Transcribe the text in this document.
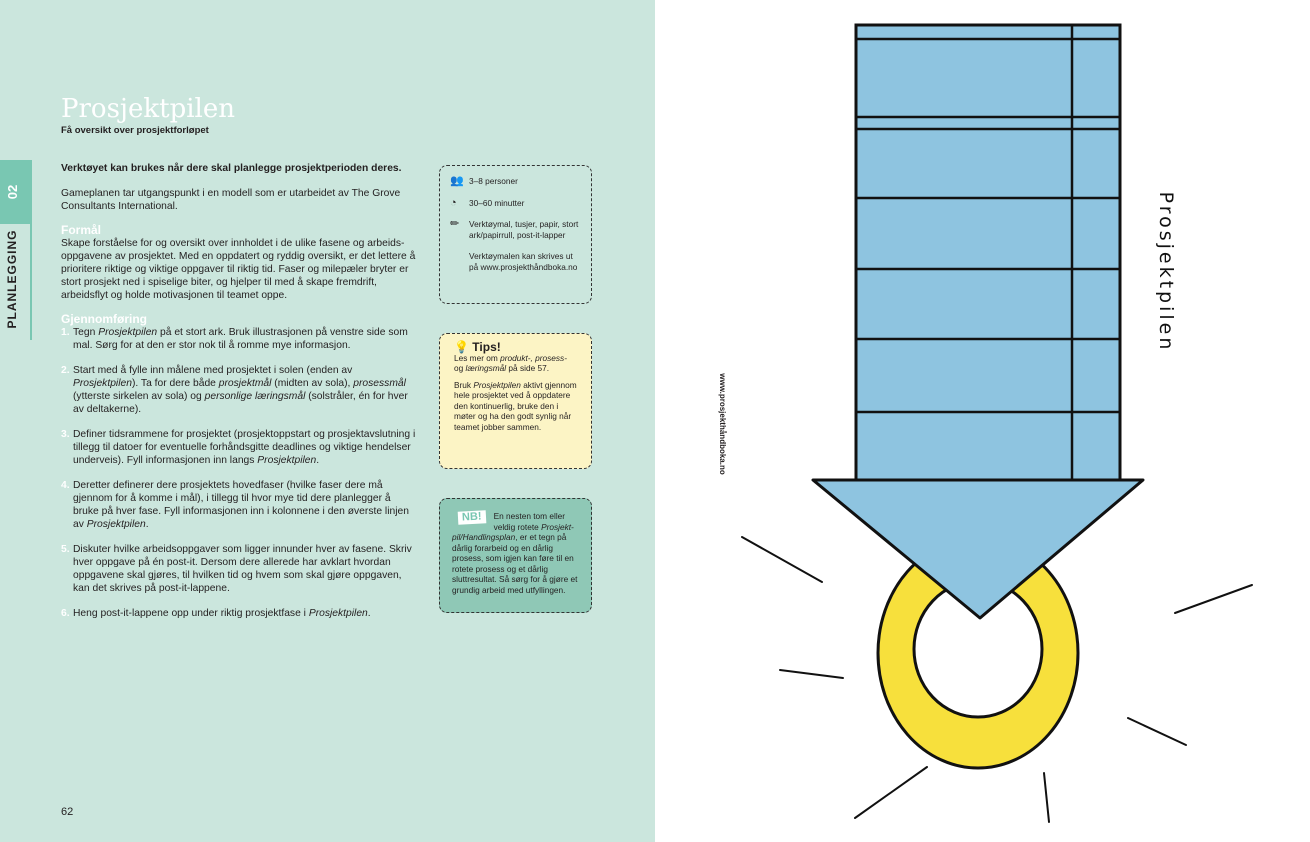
02
PLANLEGGING
Prosjektpilen
Få oversikt over prosjektforløpet

Verktøyet kan brukes når dere skal planlegge prosjektperioden deres.

Gameplanen tar utgangspunkt i en modell som er utarbeidet av The Grove Consultants International.

Formål

Skape forståelse for og oversikt over innholdet i de ulike fasene og arbeids-oppgavene av prosjektet. Med en oppdatert og ryddig oversikt, er det lettere å prioritere riktige og viktige oppgaver til riktig tid. Faser og milepæler bryter er stort prosjekt ned i spiselige biter, og hjelper til med å skape fremdrift, arbeidsflyt og holde motivasjonen til teamet oppe.

Gjennomføring
1. Tegn Prosjektpilen på et stort ark. Bruk illustrasjonen på venstre side som mal. Sørg for at den er stor nok til å romme mye informasjon.
2. Start med å fylle inn målene med prosjektet i solen (enden av Prosjektpilen). Ta for dere både prosjektmål (midten av sola), prosessmål (ytterste sirkelen av sola) og personlige læringsmål (solstråler, én for hver av deltakerne).
3. Definer tidsrammene for prosjektet (prosjektoppstart og prosjektavslutning i tillegg til datoer for eventuelle forhåndsgitte deadlines og viktige hendelser underveis). Fyll informasjonen inn langs Prosjektpilen.
4. Deretter definerer dere prosjektets hovedfaser (hvilke faser dere må gjennom for å komme i mål), i tillegg til hvor mye tid dere planlegger å bruke på hver fase. Fyll informasjonen inn i kolonnene i den øverste linjen av Prosjektpilen.
5. Diskuter hvilke arbeidsoppgaver som ligger innunder hver av fasene. Skriv hver oppgave på én post-it. Dersom dere allerede har avklart hvordan oppgavene skal gjøres, til hvilken tid og hvem som skal gjøre oppgaven, kan det skrives på post-it-lappene.
6. Heng post-it-lappene opp under riktig prosjektfase i Prosjektpilen.
👥 3–8 personer
◔	30–60 minutter
✏	Verktøymal, tusjer, papir, stort ark/papirrull, post-it-lapper
Verktøymalen kan skrives ut på www.prosjekthåndboka.no
💡 Tips!

Les mer om produkt-, prosess- og læringsmål på side 57.

Bruk Prosjektpilen aktivt gjennom hele prosjektet ved å oppdatere den kontinuerlig, bruke den i møter og ha den godt synlig når teamet jobber sammen.

NB!	En nesten tom eller veldig rotete Prosjekt-pil/Handlingsplan, er et tegn på dårlig forarbeid og en dårlig prosess, som igjen kan føre til en rotete prosess og et dårlig sluttresultat. Så sørg for å gjøre et grundig arbeid med utfyllingen.
62
www.prosjekthåndboka.no
Prosjektpilen
